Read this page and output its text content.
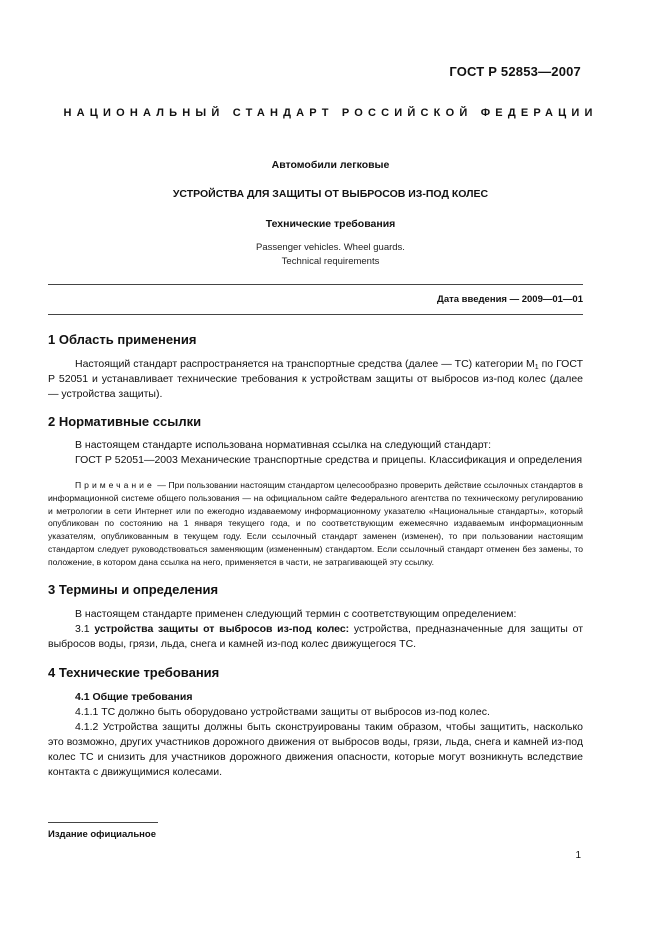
ГОСТ Р 52853—2007
НАЦИОНАЛЬНЫЙ СТАНДАРТ РОССИЙСКОЙ ФЕДЕРАЦИИ
Автомобили легковые
УСТРОЙСТВА ДЛЯ ЗАЩИТЫ ОТ ВЫБРОСОВ ИЗ-ПОД КОЛЕС
Технические требования
Passenger vehicles. Wheel guards.
Technical requirements
Дата введения — 2009—01—01
1 Область применения

Настоящий стандарт распространяется на транспортные средства (далее — ТС) категории $М_1$ по ГОСТ Р 52051 и устанавливает технические требования к устройствам защиты от выбросов из-под колес (далее — устройства защиты).

2 Нормативные ссылки

В настоящем стандарте использована нормативная ссылка на следующий стандарт:

ГОСТ Р 52051—2003 Механические транспортные средства и прицепы. Классификация и определения

Примечание — При пользовании настоящим стандартом целесообразно проверить действие ссылочных стандартов в информационной системе общего пользования — на официальном сайте Федерального агентства по техническому регулированию и метрологии в сети Интернет или по ежегодно издаваемому информационному указателю «Национальные стандарты», который опубликован по состоянию на 1 января текущего года, и по соответствующим ежемесячно издаваемым информационным указателям, опубликованным в текущем году. Если ссылочный стандарт заменен (изменен), то при пользовании настоящим стандартом следует руководствоваться заменяющим (измененным) стандартом. Если ссылочный стандарт отменен без замены, то положение, в котором дана ссылка на него, применяется в части, не затрагивающей эту ссылку.

3 Термины и определения

В настоящем стандарте применен следующий термин с соответствующим определением:

3.1 устройства защиты от выбросов из-под колес: устройства, предназначенные для защиты от выбросов воды, грязи, льда, снега и камней из-под колес движущегося ТС.

4 Технические требования
4.1 Общие требования

4.1.1 ТС должно быть оборудовано устройствами защиты от выбросов из-под колес.

4.1.2 Устройства защиты должны быть сконструированы таким образом, чтобы защитить, насколько это возможно, других участников дорожного движения от выбросов воды, грязи, льда, снега и камней из-под колес ТС и снизить для участников дорожного движения опасности, которые могут возникнуть вследствие контакта с движущимися колесами.

Издание официальное
1
